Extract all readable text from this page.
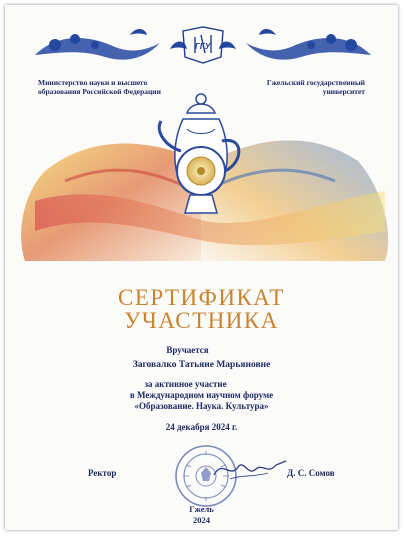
ГГУ
Министерство науки и высшего
образования Российской Федерации
Гжельский государственный
университет
СЕРТИФИКАТ
УЧАСТНИКА
Вручается
Заговалко Татьяне Марьяновне
за активное участие
в Международном научном форуме
«Образование. Наука. Культура»
24 декабря 2024 г.
Ректор	Д. С. Сомов
Гжель
2024
